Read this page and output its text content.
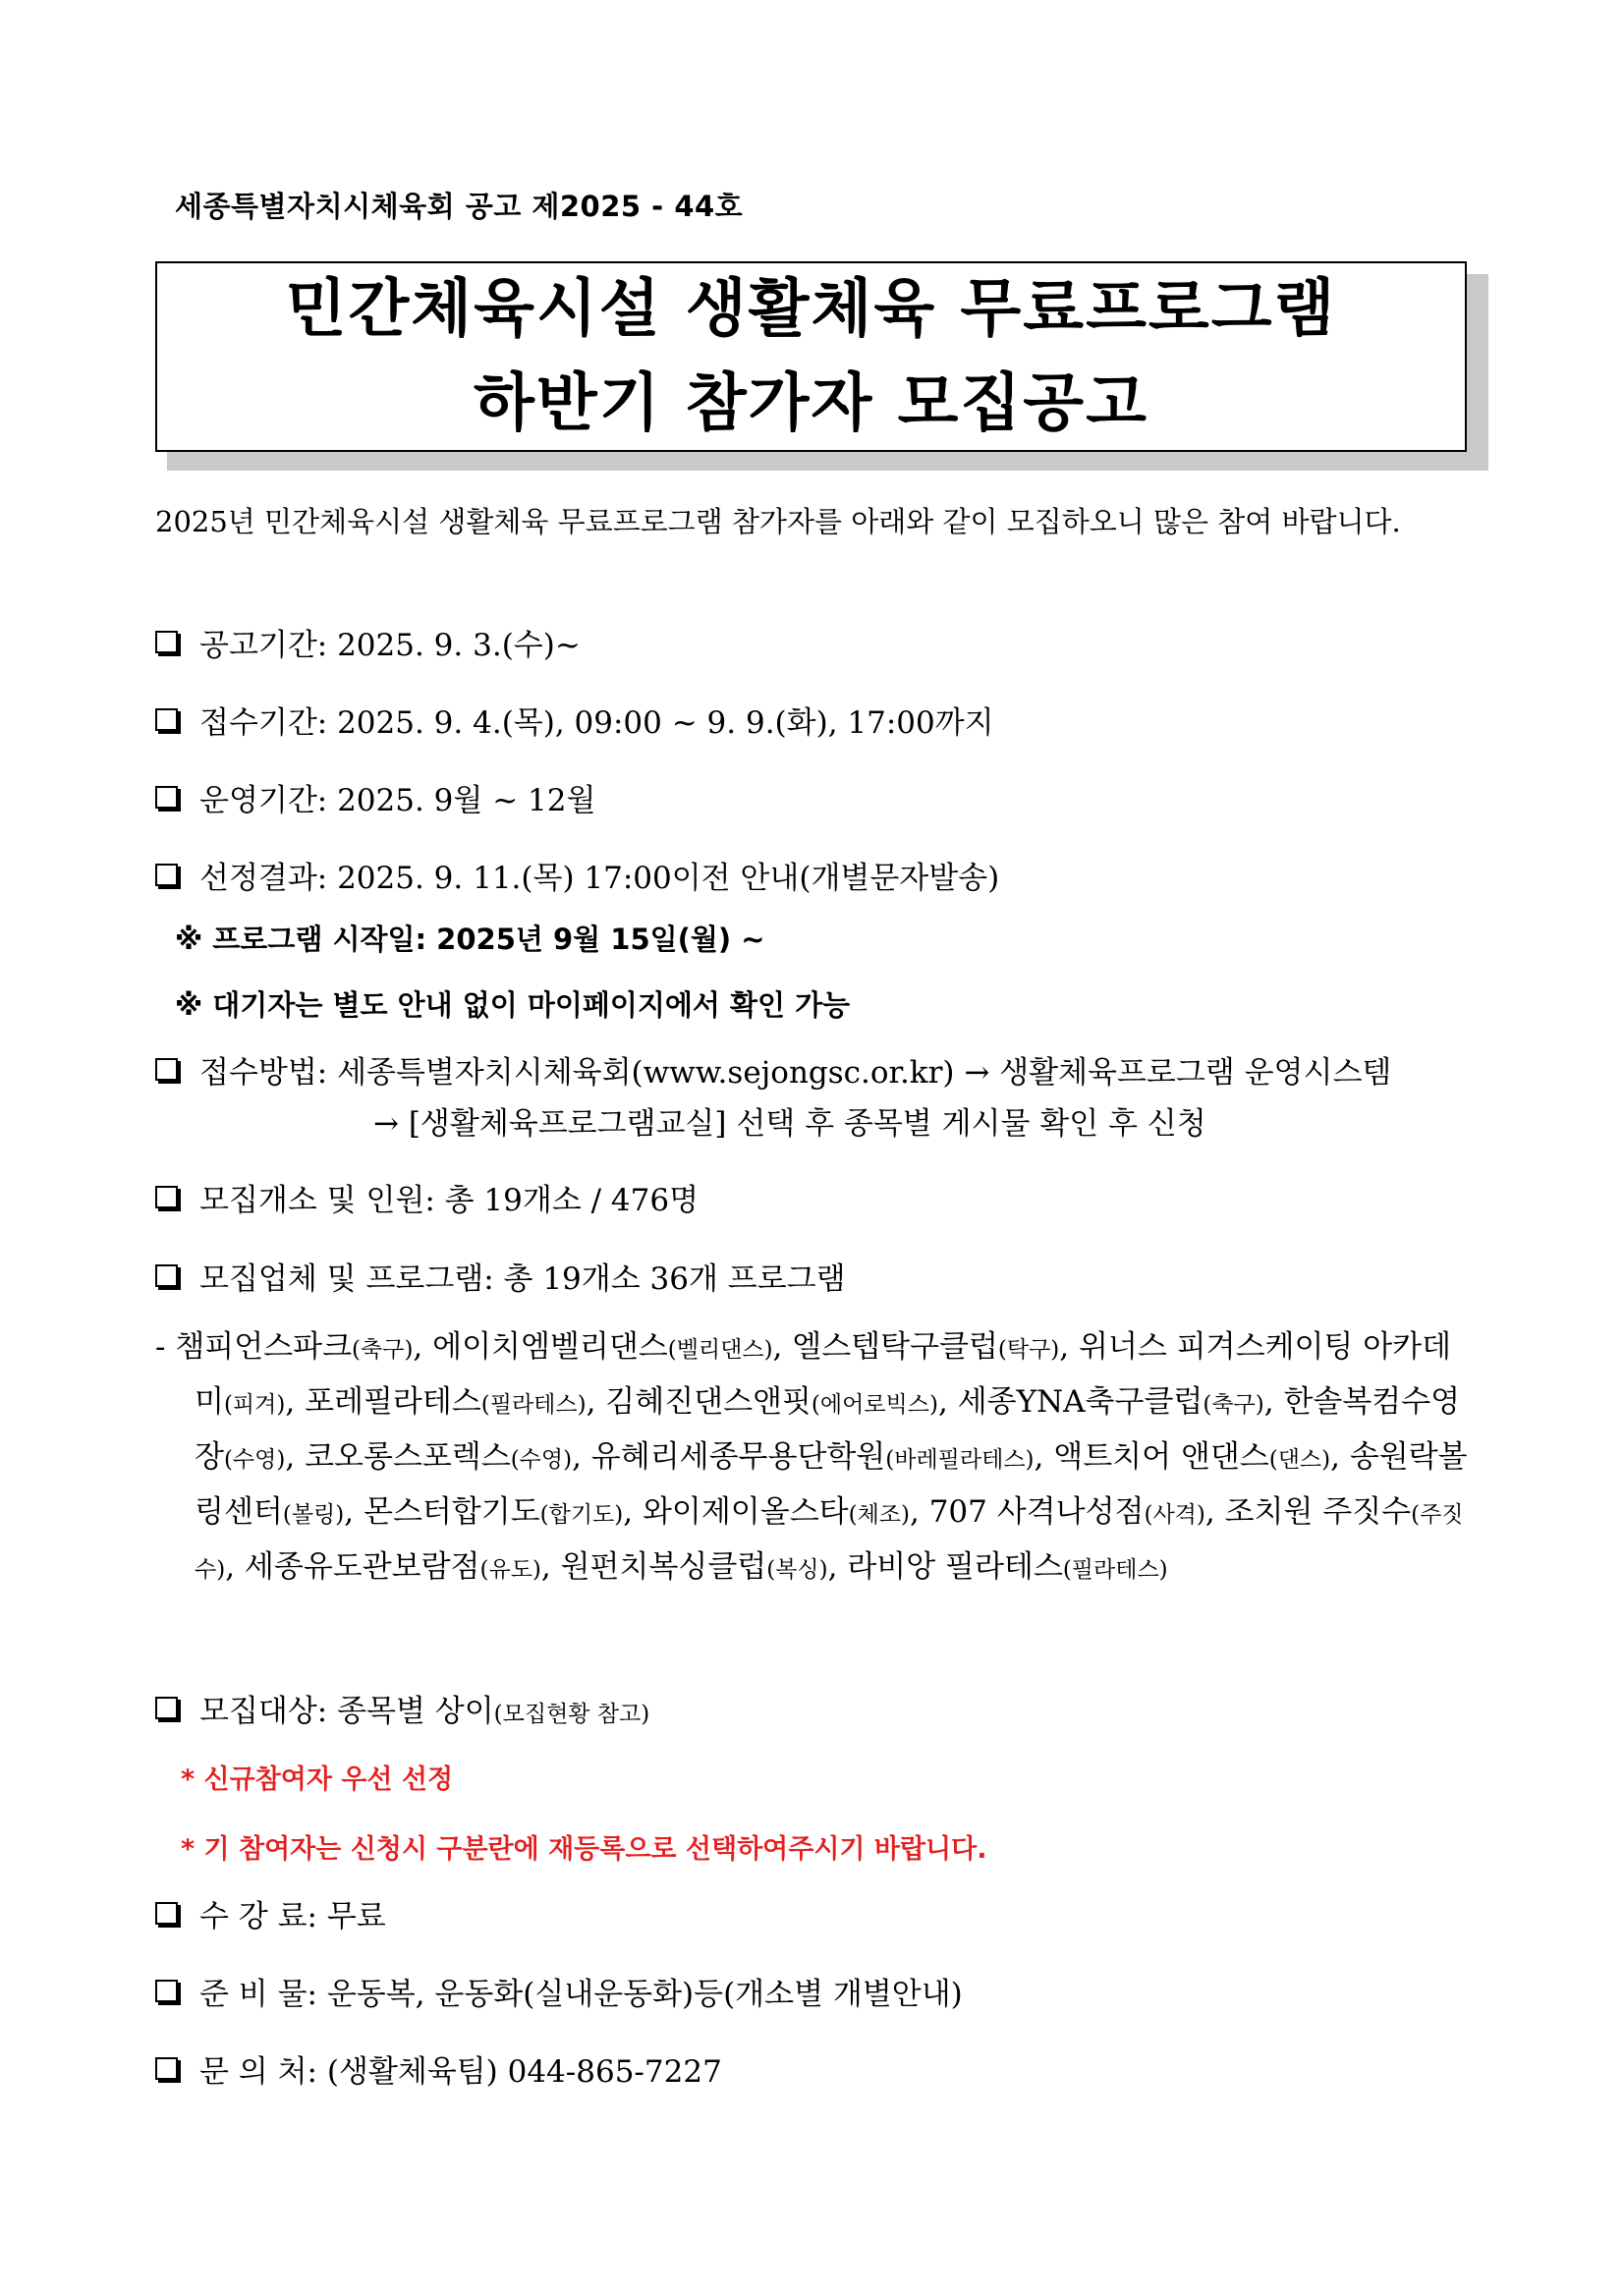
세종특별자치시체육회 공고 제2025 - 44호
민간체육시설 생활체육 무료프로그램
하반기 참가자 모집공고
2025년 민간체육시설 생활체육 무료프로그램 참가자를 아래와 같이 모집하오니 많은 참여 바랍니다.
공고기간: 2025. 9. 3.(수)~
접수기간: 2025. 9. 4.(목), 09:00 ~ 9. 9.(화), 17:00까지
운영기간: 2025. 9월 ~ 12월
선정결과: 2025. 9. 11.(목) 17:00이전 안내(개별문자발송)
※ 프로그램 시작일: 2025년 9월 15일(월) ~
※ 대기자는 별도 안내 없이 마이페이지에서 확인 가능
접수방법: 세종특별자치시체육회(www.sejongsc.or.kr) → 생활체육프로그램 운영시스템
→ [생활체육프로그램교실] 선택 후 종목별 게시물 확인 후 신청
모집개소 및 인원: 총 19개소 / 476명
모집업체 및 프로그램: 총 19개소 36개 프로그램
- 챔피언스파크(축구), 에이치엠벨리댄스(벨리댄스), 엘스텝탁구클럽(탁구), 위너스 피겨스케이팅 아카데미(피겨), 포레필라테스(필라테스), 김혜진댄스앤핏(에어로빅스), 세종YNA축구클럽(축구), 한솔복컴수영장(수영), 코오롱스포렉스(수영), 유혜리세종무용단학원(바레필라테스), 액트치어 앤댄스(댄스), 송원락볼링센터(볼링), 몬스터합기도(합기도), 와이제이올스타(체조), 707 사격나성점(사격), 조치원 주짓수(주짓수), 세종유도관보람점(유도), 원펀치복싱클럽(복싱), 라비앙 필라테스(필라테스)
모집대상: 종목별 상이(모집현황 참고)
* 신규참여자 우선 선정
* 기 참여자는 신청시 구분란에 재등록으로 선택하여주시기 바랍니다.
수 강 료: 무료
준 비 물: 운동복, 운동화(실내운동화)등(개소별 개별안내)
문 의 처: (생활체육팀) 044-865-7227
